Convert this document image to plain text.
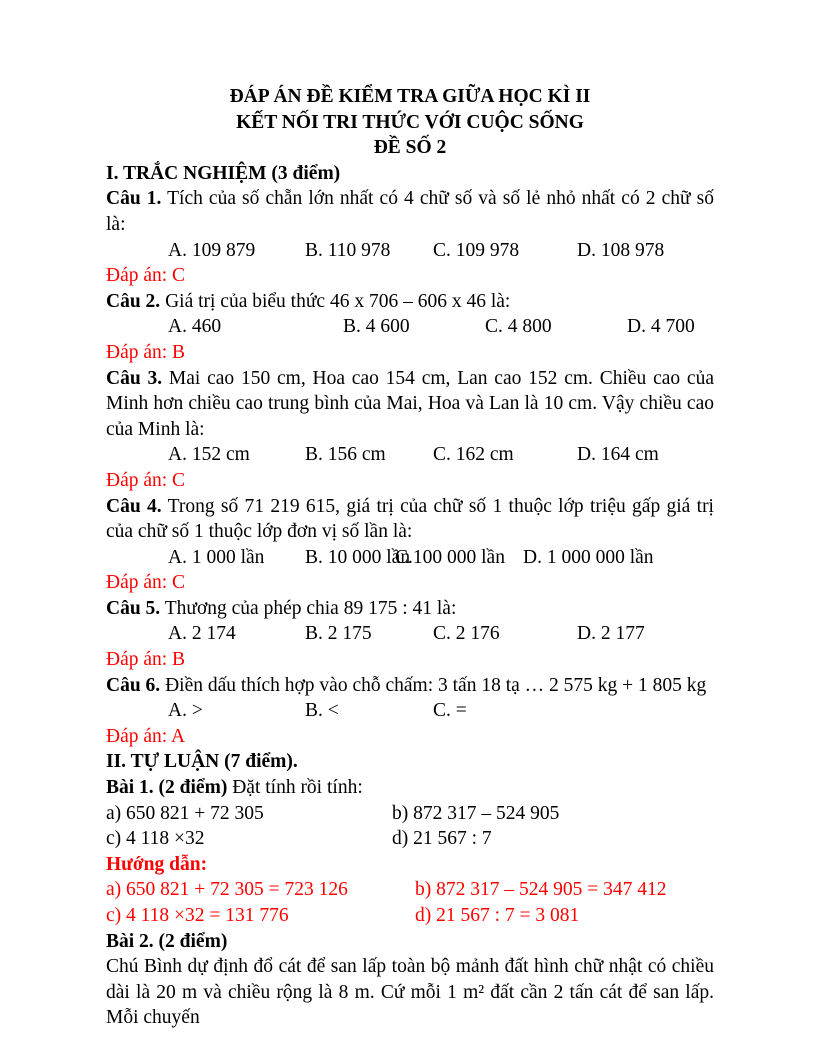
ĐÁP ÁN ĐỀ KIỂM TRA GIỮA HỌC KÌ II
KẾT NỐI TRI THỨC VỚI CUỘC SỐNG
ĐỀ SỐ 2
I. TRẮC NGHIỆM (3 điểm)

Câu 1. Tích của số chẵn lớn nhất có 4 chữ số và số lẻ nhỏ nhất có 2 chữ số là:

A. 109 879	B. 110 978	C. 109 978	D. 108 978
Đáp án: C

Câu 2. Giá trị của biểu thức 46 x 706 – 606 x 46 là:

A. 460	B. 4 600	C. 4 800	D. 4 700
Đáp án: B

Câu 3. Mai cao 150 cm, Hoa cao 154 cm, Lan cao 152 cm. Chiều cao của Minh hơn chiều cao trung bình của Mai, Hoa và Lan là 10 cm. Vậy chiều cao của Minh là:

A. 152 cm	B. 156 cm	C. 162 cm	D. 164 cm
Đáp án: C

Câu 4. Trong số 71 219 615, giá trị của chữ số 1 thuộc lớp triệu gấp giá trị của chữ số 1 thuộc lớp đơn vị số lần là:

A. 1 000 lần	B. 10 000 lần
C.100 000 lần D. 1 000 000 lần
Đáp án: C

Câu 5. Thương của phép chia 89 175 : 41 là:

A. 2 174	B. 2 175	C. 2 176	D. 2 177
Đáp án: B

Câu 6. Điền dấu thích hợp vào chỗ chấm: 3 tấn 18 tạ … 2 575 kg + 1 805 kg

A. >	B. <	C. =
Đáp án: A
II. TỰ LUẬN (7 điểm).

Bài 1. (2 điểm) Đặt tính rồi tính:

a) 650 821 + 72 305	b) 872 317 – 524 905
c) 4 118 ×32	d) 21 567 : 7
Hướng dẫn:
a) 650 821 + 72 305 = 723 126	b) 872 317 – 524 905 = 347 412
c) 4 118 ×32 = 131 776	d) 21 567 : 7 = 3 081
Bài 2. (2 điểm)

Chú Bình dự định đổ cát để san lấp toàn bộ mảnh đất hình chữ nhật có chiều dài là 20 m và chiều rộng là 8 m. Cứ mỗi 1 m² đất cần 2 tấn cát để san lấp. Mỗi chuyến
